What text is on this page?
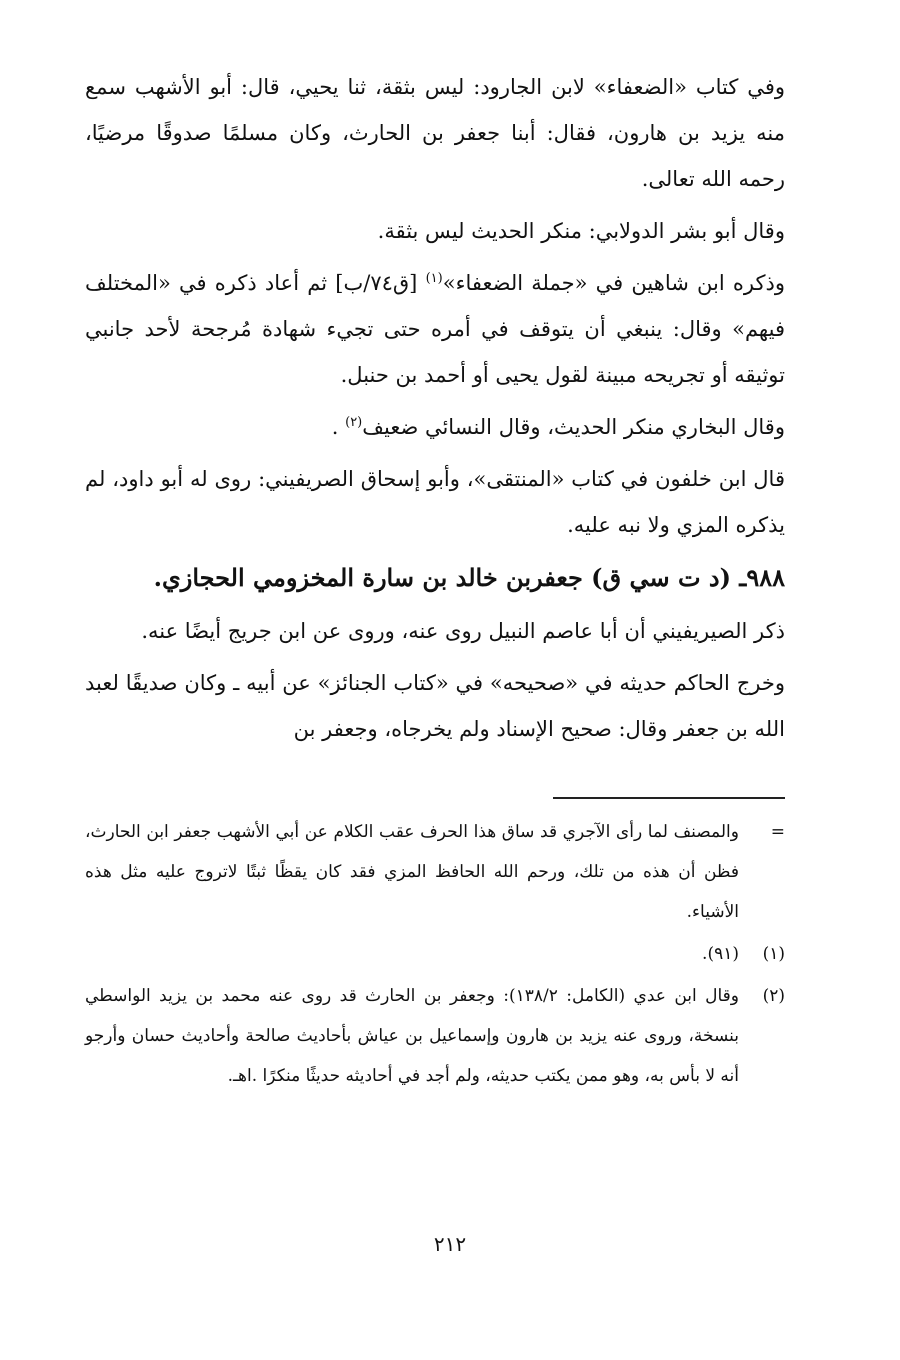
وفي كتاب «الضعفاء» لابن الجارود: ليس بثقة، ثنا يحيي، قال: أبو الأشهب سمع منه يزيد بن هارون، فقال: أبنا جعفر بن الحارث، وكان مسلمًا صدوقًا مرضيًا، رحمه الله تعالى.

وقال أبو بشر الدولابي: منكر الحديث ليس بثقة.

وذكره ابن شاهين في «جملة الضعفاء»$^{(١)}$ [ق٧٤/ب] ثم أعاد ذكره في «المختلف فيهم» وقال: ينبغي أن يتوقف في أمره حتى تجيء شهادة مُرجحة لأحد جانبي توثيقه أو تجريحه مبينة لقول يحيى أو أحمد بن حنبل.

وقال البخاري منكر الحديث، وقال النسائي ضعيف$^{(٢)}$ .

قال ابن خلفون في كتاب «المنتقى»، وأبو إسحاق الصريفيني: روى له أبو داود، لم يذكره المزي ولا نبه عليه.

٩٨٨ـ (د ت سي ق) جعفربن خالد بن سارة المخزومي الحجازي.

ذكر الصيريفيني أن أبا عاصم النبيل روى عنه، وروى عن ابن جريج أيضًا عنه.

وخرج الحاكم حديثه في «صحيحه» في «كتاب الجنائز» عن أبيه ـ وكان صديقًا لعبد الله بن جعفر وقال: صحيح الإسناد ولم يخرجاه، وجعفر بن

=
والمصنف لما رأى الآجري قد ساق هذا الحرف عقب الكلام عن أبي الأشهب جعفر ابن الحارث، فظن أن هذه من تلك، ورحم الله الحافظ المزي فقد كان يقظًا ثبتًا لاتروج عليه مثل هذه الأشياء.
(١)
(٩١).
(٢)
وقال ابن عدي (الكامل: ١٣٨/٢): وجعفر بن الحارث قد روى عنه محمد بن يزيد الواسطي بنسخة، وروى عنه يزيد بن هارون وإسماعيل بن عياش بأحاديث صالحة وأحاديث حسان وأرجو أنه لا بأس به، وهو ممن يكتب حديثه، ولم أجد في أحاديثه حديثًا منكرًا .اهـ.
٢١٢
